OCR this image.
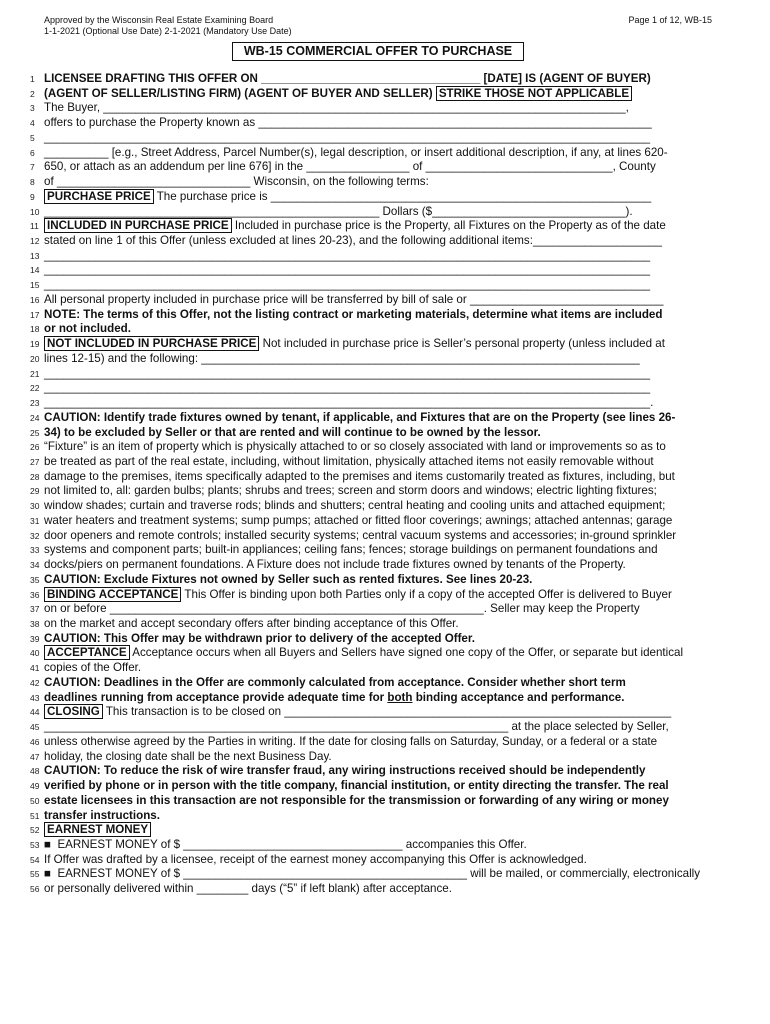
Approved by the Wisconsin Real Estate Examining Board
1-1-2021 (Optional Use Date) 2-1-2021 (Mandatory Use Date)
Page 1 of 12, WB-15
WB-15 COMMERCIAL OFFER TO PURCHASE
1 LICENSEE DRAFTING THIS OFFER ON __________________________________ [DATE] IS (AGENT OF BUYER)
2 (AGENT OF SELLER/LISTING FIRM) (AGENT OF BUYER AND SELLER) STRIKE THOSE NOT APPLICABLE
3 The Buyer, _________________________________________________________________________________,
4 offers to purchase the Property known as _____________________________________________________________
5 ______________________________________________________________________________________________
6 __________ [e.g., Street Address, Parcel Number(s), legal description, or insert additional description, if any, at lines 620-
7 650, or attach as an addendum per line 676] in the ________________ of _____________________________, County
8 of ______________________________ Wisconsin, on the following terms:
9 PURCHASE PRICE The purchase price is ___________________________________________________________
10 ____________________________________________________ Dollars ($______________________________).
11 INCLUDED IN PURCHASE PRICE Included in purchase price is the Property, all Fixtures on the Property as of the date
12 stated on line 1 of this Offer (unless excluded at lines 20-23), and the following additional items:____________________
13 ______________________________________________________________________________________________
14 ______________________________________________________________________________________________
15 ______________________________________________________________________________________________
16 All personal property included in purchase price will be transferred by bill of sale or ______________________________
17 NOTE: The terms of this Offer, not the listing contract or marketing materials, determine what items are included
18 or not included.
19 NOT INCLUDED IN PURCHASE PRICE Not included in purchase price is Seller’s personal property (unless included at
20 lines 12-15) and the following: ____________________________________________________________________
21 ______________________________________________________________________________________________
22 ______________________________________________________________________________________________
23 ______________________________________________________________________________________________.
24 CAUTION: Identify trade fixtures owned by tenant, if applicable, and Fixtures that are on the Property (see lines 26-
25 34) to be excluded by Seller or that are rented and will continue to be owned by the lessor.
26 “Fixture” is an item of property which is physically attached to or so closely associated with land or improvements so as to
27 be treated as part of the real estate, including, without limitation, physically attached items not easily removable without
28 damage to the premises, items specifically adapted to the premises and items customarily treated as fixtures, including, but
29 not limited to, all: garden bulbs; plants; shrubs and trees; screen and storm doors and windows; electric lighting fixtures;
30 window shades; curtain and traverse rods; blinds and shutters; central heating and cooling units and attached equipment;
31 water heaters and treatment systems; sump pumps; attached or fitted floor coverings; awnings; attached antennas; garage
32 door openers and remote controls; installed security systems; central vacuum systems and accessories; in-ground sprinkler
33 systems and component parts; built-in appliances; ceiling fans; fences; storage buildings on permanent foundations and
34 docks/piers on permanent foundations. A Fixture does not include trade fixtures owned by tenants of the Property.
35 CAUTION: Exclude Fixtures not owned by Seller such as rented fixtures. See lines 20-23.
36 BINDING ACCEPTANCE This Offer is binding upon both Parties only if a copy of the accepted Offer is delivered to Buyer
37 on or before __________________________________________________________. Seller may keep the Property
38 on the market and accept secondary offers after binding acceptance of this Offer.
39 CAUTION: This Offer may be withdrawn prior to delivery of the accepted Offer.
40 ACCEPTANCE Acceptance occurs when all Buyers and Sellers have signed one copy of the Offer, or separate but identical
41 copies of the Offer.
42 CAUTION: Deadlines in the Offer are commonly calculated from acceptance. Consider whether short term
43 deadlines running from acceptance provide adequate time for both binding acceptance and performance.
44 CLOSING This transaction is to be closed on ____________________________________________________________
45 ________________________________________________________________________ at the place selected by Seller,
46 unless otherwise agreed by the Parties in writing. If the date for closing falls on Saturday, Sunday, or a federal or a state
47 holiday, the closing date shall be the next Business Day.
48 CAUTION: To reduce the risk of wire transfer fraud, any wiring instructions received should be independently
49 verified by phone or in person with the title company, financial institution, or entity directing the transfer. The real
50 estate licensees in this transaction are not responsible for the transmission or forwarding of any wiring or money
51 transfer instructions.
52 EARNEST MONEY
53 ■  EARNEST MONEY of $ __________________________________ accompanies this Offer.
54 If Offer was drafted by a licensee, receipt of the earnest money accompanying this Offer is acknowledged.
55 ■  EARNEST MONEY of $ ____________________________________________ will be mailed, or commercially, electronically
56 or personally delivered within ________ days (“5” if left blank) after acceptance.
